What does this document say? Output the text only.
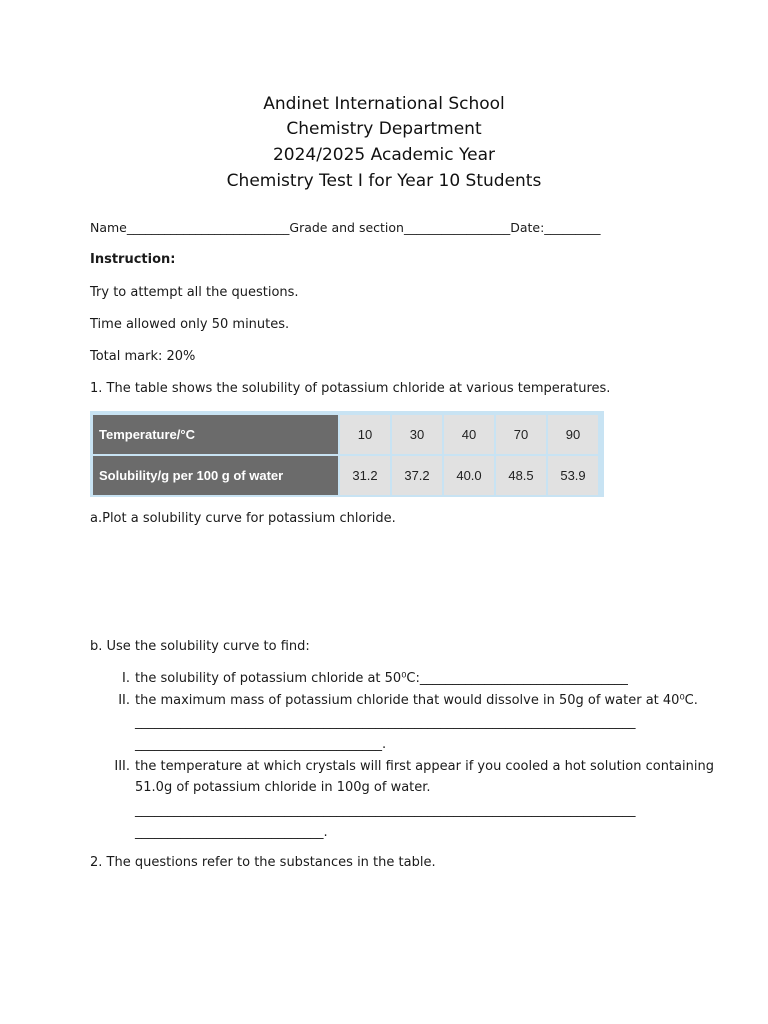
Andinet International School

Chemistry Department

2024/2025 Academic Year

Chemistry Test I for Year 10 Students

Name__________________________Grade and section_________________Date:_________

Instruction:

Try to attempt all the questions.

Time allowed only 50 minutes.

Total mark: 20%

1. The table shows the solubility of potassium chloride at various temperatures.

Temperature/°C	10	30	40	70	90
Solubility/g per 100 g of water	31.2	37.2	40.0	48.5	53.9

a.Plot a solubility curve for potassium chloride.

b. Use the solubility curve to find:

I. the solubility of potassium chloride at 50⁰C:________________________________

II. the maximum mass of potassium chloride that would dissolve in 50g of water at 40⁰C.

_____________________________________________________________________________

______________________________________.

III. the temperature at which crystals will first appear if you cooled a hot solution containing

51.0g of potassium chloride in 100g of water.

_____________________________________________________________________________

_____________________________.

2. The questions refer to the substances in the table.
